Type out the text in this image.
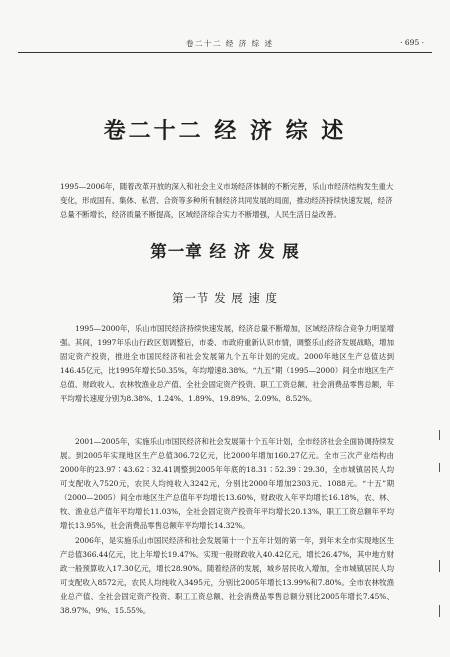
卷二十二 经 济 综 述	· 695 ·
卷二十二 经 济 综 述

1995—2006年，随着改革开放的深入和社会主义市场经济体制的不断完善，乐山市经济结构发生重大变化，形成国有、集体、私营、合资等多种所有制经济共同发展的局面，推动经济持续快速发展，经济总量不断增长，经济质量不断提高，区域经济综合实力不断增强，人民生活日益改善。

第一章 经 济 发 展
第一节 发 展 速 度

1995—2000年，乐山市国民经济持续快速发展，经济总量不断增加，区域经济综合竞争力明显增强。其间，1997年乐山行政区划调整后，市委、市政府重新认识市情，调整乐山经济发展战略，增加固定资产投资，推进全市国民经济和社会发展第九个五年计划的完成。2000年地区生产总值达到146.45亿元，比1995年增长50.35%，年均增速8.38%。“九五”期（1995—2000）间全市地区生产总值、财政收入、农林牧渔业总产值、全社会固定资产投资、职工工资总额、社会消费品零售总额，年平均增长速度分别为8.38%、1.24%、1.89%、19.89%、2.09%、8.52%。

2001—2005年，实施乐山市国民经济和社会发展第十个五年计划，全市经济社会全面协调持续发展。到2005年实现地区生产总值306.72亿元，比2000年增加160.27亿元。全市三次产业结构由2000年的23.97∶43.62∶32.41调整到2005年年底的18.31∶52.39∶29.30，全市城镇居民人均可支配收入7520元，农民人均纯收入3242元，分别比2000年增加2303元、1088元。“十五”期（2000—2005）间全市地区生产总值年平均增长13.60%，财政收入年平均增长16.18%，农、林、牧、渔业总产值年平均增长11.03%，全社会固定资产投资年平均增长20.13%，职工工资总额年平均增长13.95%，社会消费品零售总额年平均增长14.32%。

2006年，是实施乐山市国民经济和社会发展第十一个五年计划的第一年，到年末全市实现地区生产总值366.44亿元，比上年增长19.47%。实现一般财政收入40.42亿元，增长26.47%，其中地方财政一般预算收入17.30亿元，增长28.90%。随着经济的发展，城乡居民收入增加，全市城镇居民人均可支配收入8572元，农民人均纯收入3495元，分别比2005年增长13.99%和7.80%。全市农林牧渔业总产值、全社会固定资产投资、职工工资总额、社会消费品零售总额分别比2005年增长7.45%、38.97%、9%、15.55%。
